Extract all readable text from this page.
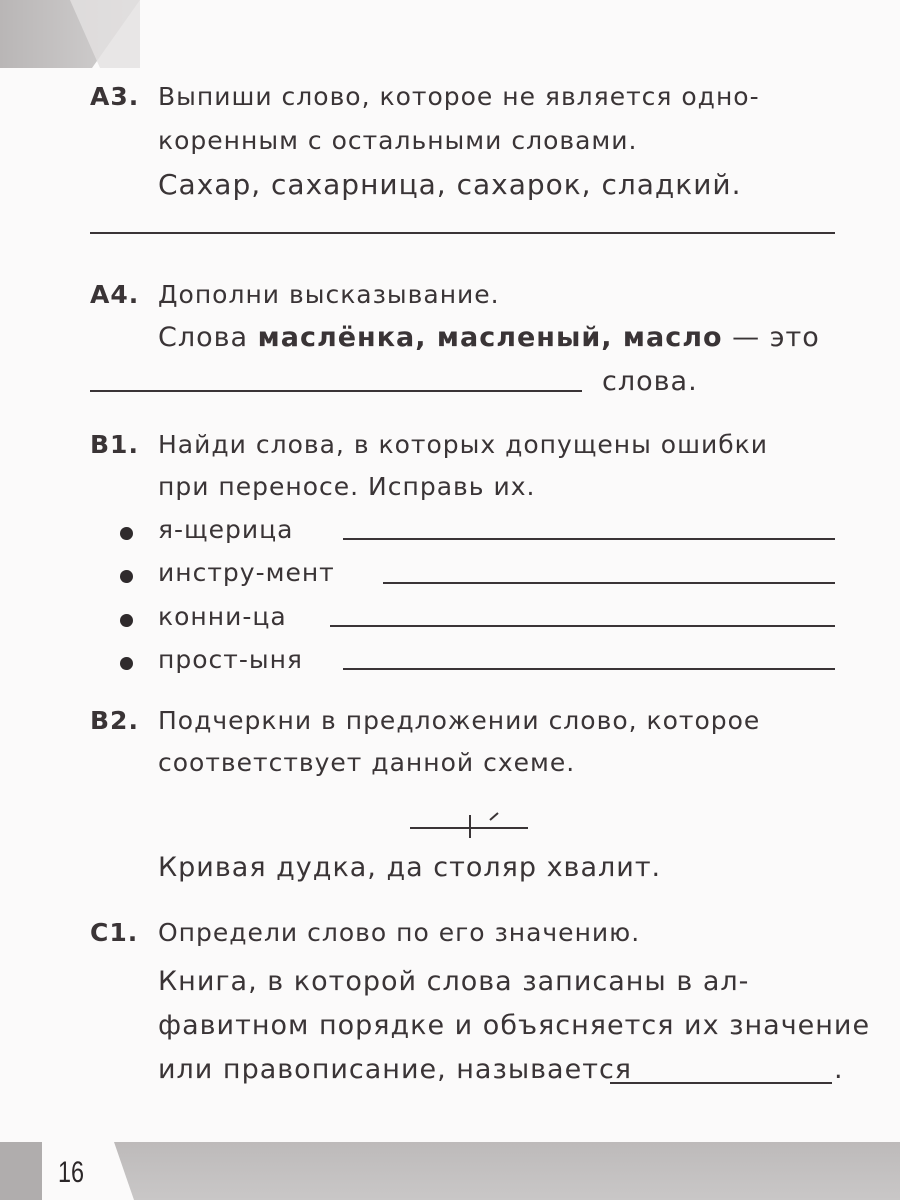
А3. Выпиши слово, которое не является одно-
коренным с остальными словами.
Сахар, сахарница, сахарок, сладкий.
А4. Дополни высказывание.
Слова маслёнка, масленый, масло — это
слова.
В1. Найди слова, в которых допущены ошибки
при переносе. Исправь их.
я-щерица
инстру-мент
конни-ца
прост-ыня
В2. Подчеркни в предложении слово, которое
соответствует данной схеме.
Кривая дудка, да столяр хвалит.
С1. Определи слово по его значению.
Книга, в которой слова записаны в ал-
фавитном порядке и объясняется их значение
или правописание, называется	.
16
